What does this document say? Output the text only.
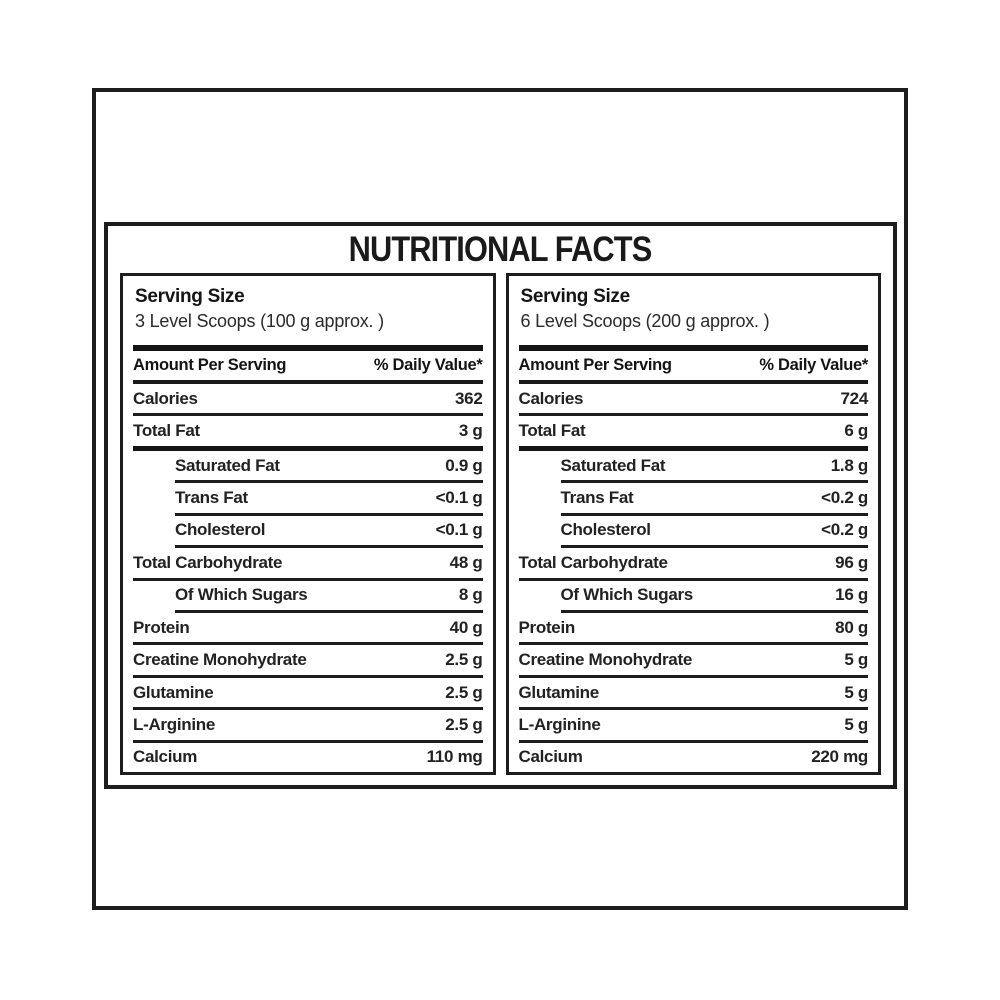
NUTRITIONAL FACTS
Serving Size
3 Level Scoops (100 g approx. )
Amount Per Serving	% Daily Value*
Calories	362
Total Fat	3 g
Saturated Fat	0.9 g
Trans Fat	<0.1 g
Cholesterol	<0.1 g
Total Carbohydrate	48 g
Of Which Sugars	8 g
Protein	40 g
Creatine Monohydrate	2.5 g
Glutamine	2.5 g
L-Arginine	2.5 g
Calcium	110 mg
Serving Size
6 Level Scoops (200 g approx. )
Amount Per Serving	% Daily Value*
Calories	724
Total Fat	6 g
Saturated Fat	1.8 g
Trans Fat	<0.2 g
Cholesterol	<0.2 g
Total Carbohydrate	96 g
Of Which Sugars	16 g
Protein	80 g
Creatine Monohydrate	5 g
Glutamine	5 g
L-Arginine	5 g
Calcium	220 mg
